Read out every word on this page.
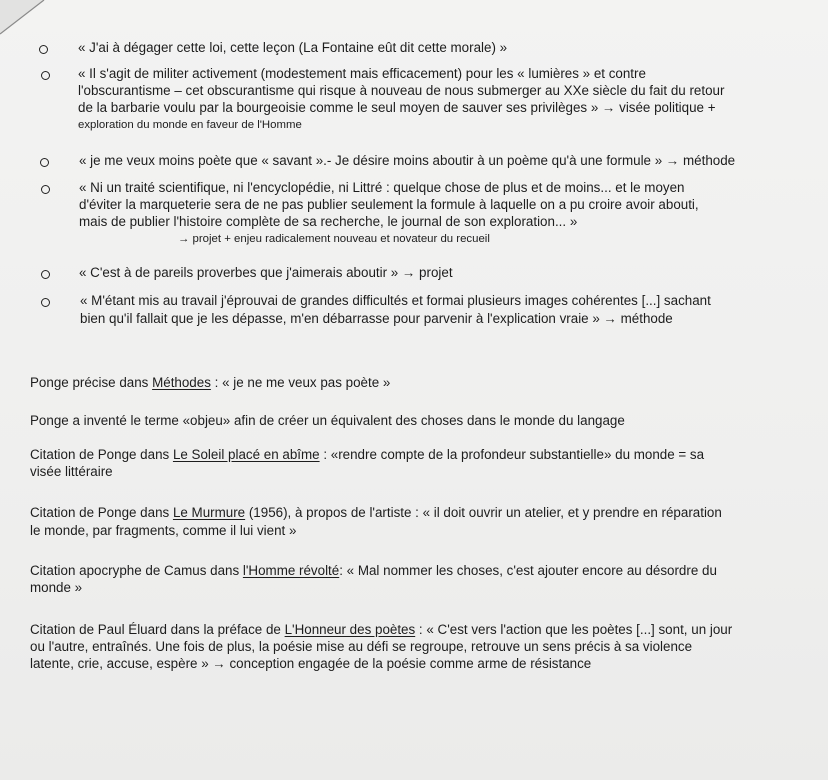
« J'ai à dégager cette loi, cette leçon (La Fontaine eût dit cette morale) »
« Il s'agit de militer activement (modestement mais efficacement) pour les « lumières » et contre
l'obscurantisme – cet obscurantisme qui risque à nouveau de nous submerger au XXe siècle du fait du retour
de la barbarie voulu par la bourgeoisie comme le seul moyen de sauver ses privilèges » → visée politique +
exploration du monde en faveur de l'Homme
« je me veux moins poète que « savant ».- Je désire moins aboutir à un poème qu'à une formule » → méthode
« Ni un traité scientifique, ni l'encyclopédie, ni Littré : quelque chose de plus et de moins... et le moyen
d'éviter la marqueterie sera de ne pas publier seulement la formule à laquelle on a pu croire avoir abouti,
mais de publier l'histoire complète de sa recherche, le journal de son exploration... »
→ projet + enjeu radicalement nouveau et novateur du recueil
« C'est à de pareils proverbes que j'aimerais aboutir » → projet
« M'étant mis au travail j'éprouvai de grandes difficultés et formai plusieurs images cohérentes [...] sachant
bien qu'il fallait que je les dépasse, m'en débarrasse pour parvenir à l'explication vraie » → méthode
Ponge précise dans Méthodes : « je ne me veux pas poète »
Ponge a inventé le terme «objeu» afin de créer un équivalent des choses dans le monde du langage
Citation de Ponge dans Le Soleil placé en abîme : «rendre compte de la profondeur substantielle» du monde = sa
visée littéraire
Citation de Ponge dans Le Murmure (1956), à propos de l'artiste : « il doit ouvrir un atelier, et y prendre en réparation
le monde, par fragments, comme il lui vient »
Citation apocryphe de Camus dans l'Homme révolté: « Mal nommer les choses, c'est ajouter encore au désordre du
monde »
Citation de Paul Éluard dans la préface de L'Honneur des poètes : « C'est vers l'action que les poètes [...] sont, un jour
ou l'autre, entraînés. Une fois de plus, la poésie mise au défi se regroupe, retrouve un sens précis à sa violence
latente, crie, accuse, espère » → conception engagée de la poésie comme arme de résistance
